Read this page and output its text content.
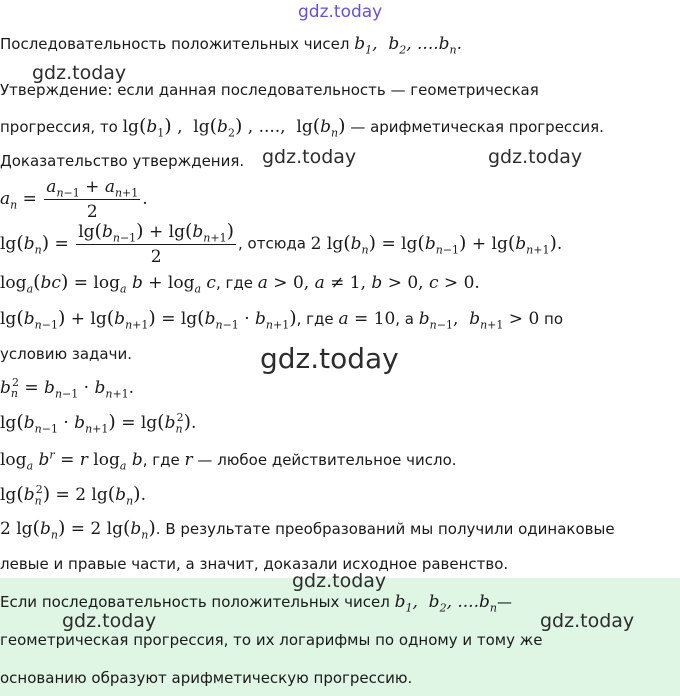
gdz.today
Последовательность положительных чисел $b_1$,  $b_2$, $....b_n$.
gdz.today
Утверждение: если данная последовательность — геометрическая
прогрессия, то $\lg(b_1)$ ,  $\lg(b_2)$ , ....,  $\lg(b_n)$ — арифметическая прогрессия.
Доказательство утверждения. gdz.today	gdz.today
$a_n = \frac{a_{n-1} + a_{n+1}}{2}$ .
$\lg(b_n) = \frac{\lg(b_{n-1}) + \lg(b_{n+1})}{2}$ , отсюда 2 $\lg(b_n) = \lg(b_{n-1}) + \lg(b_{n+1})$.
$\log_a(bc) = \log_a b + \log_a c$, где a > 0, a ≠ 1, b > 0, c > 0.
$\lg(b_{n-1}) + \lg(b_{n+1}) = \lg(b_{n-1} \cdot b_{n+1})$, где a = 10, а $b_{n-1}$,  $b_{n+1} > 0$ по
условию задачи.	gdz.today
$b_n^2 = b_{n-1} \cdot b_{n+1}$.
$\lg(b_{n-1} \cdot b_{n+1}) = \lg(b_n^2)$.
$\log_a b^r = r$ $\log_a b$, где r — любое действительное число.
$\lg(b_n^2) = 2$ $\lg(b_n)$.
2 $\lg(b_n) = 2$ $\lg(b_n)$. В результате преобразований мы получили одинаковые
левые и правые части, а значит, доказали исходное равенство.
gdz.today
Если последовательность положительных чисел $b_1$,  $b_2$, $....b_n—$
gdz.today	gdz.today
геометрическая прогрессия, то их логарифмы по одному и тому же
основанию образуют арифметическую прогрессию.
